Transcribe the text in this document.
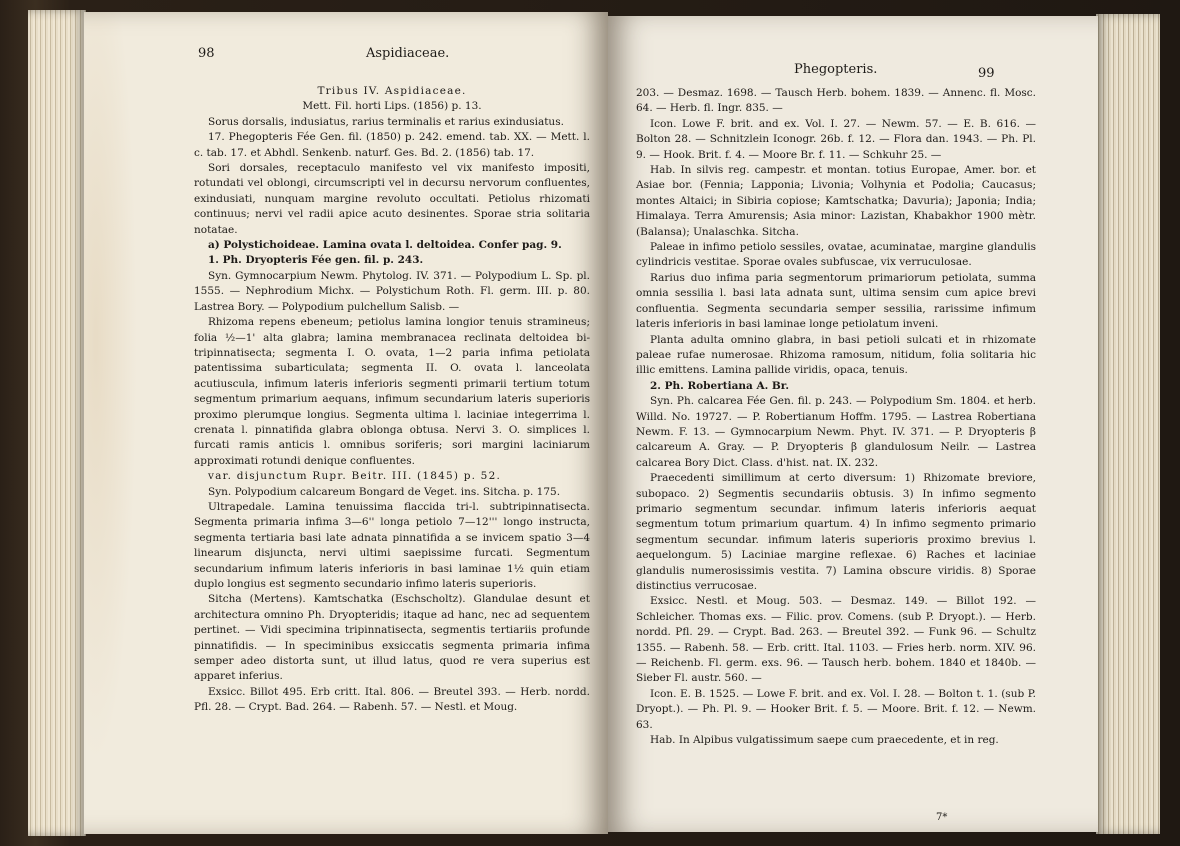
98	Aspidiaceae.

Tribus IV. Aspidiaceae.

Mett. Fil. horti Lips. (1856) p. 13.

Sorus dorsalis, indusiatus, rarius terminalis et rarius exindusiatus.

17. Phegopteris Fée Gen. fil. (1850) p. 242. emend. tab. XX. — Mett. l. c. tab. 17. et Abhdl. Senkenb. naturf. Ges. Bd. 2. (1856) tab. 17.

Sori dorsales, receptaculo manifesto vel vix manifesto impositi, rotundati vel oblongi, circumscripti vel in decursu nervorum confluentes, exindusiati, nunquam margine revoluto occultati. Petiolus rhizomati continuus; nervi vel radii apice acuto desinentes. Sporae stria solitaria notatae.

a) Polystichoideae. Lamina ovata l. deltoidea. Confer pag. 9.

1. Ph. Dryopteris Fée gen. fil. p. 243.

Syn. Gymnocarpium Newm. Phytolog. IV. 371. — Polypodium L. Sp. pl. 1555. — Nephrodium Michx. — Polystichum Roth. Fl. germ. III. p. 80. Lastrea Bory. — Polypodium pulchellum Salisb. —

Rhizoma repens ebeneum; petiolus lamina longior tenuis stramineus; folia ½—1' alta glabra; lamina membranacea reclinata deltoidea bi-tripinnatisecta; segmenta I. O. ovata, 1—2 paria infima petiolata patentissima subarticulata; segmenta II. O. ovata l. lanceolata acutiuscula, infimum lateris inferioris segmenti primarii tertium totum segmentum primarium aequans, infimum secundarium lateris superioris proximo plerumque longius. Segmenta ultima l. laciniae integerrima l. crenata l. pinnatifida glabra oblonga obtusa. Nervi 3. O. simplices l. furcati ramis anticis l. omnibus soriferis; sori margini laciniarum approximati rotundi denique confluentes.

var. disjunctum Rupr. Beitr. III. (1845) p. 52.

Syn. Polypodium calcareum Bongard de Veget. ins. Sitcha. p. 175.

Ultrapedale. Lamina tenuissima flaccida tri-l. subtripinnatisecta. Segmenta primaria infima 3—6'' longa petiolo 7—12''' longo instructa, segmenta tertiaria basi late adnata pinnatifida a se invicem spatio 3—4 linearum disjuncta, nervi ultimi saepissime furcati. Segmentum secundarium infimum lateris inferioris in basi laminae 1½ quin etiam duplo longius est segmento secundario infimo lateris superioris.

Sitcha (Mertens). Kamtschatka (Eschscholtz). Glandulae desunt et architectura omnino Ph. Dryopteridis; itaque ad hanc, nec ad sequentem pertinet. — Vidi specimina tripinnatisecta, segmentis tertiariis profunde pinnatifidis. — In speciminibus exsiccatis segmenta primaria infima semper adeo distorta sunt, ut illud latus, quod re vera superius est apparet inferius.

Exsicc. Billot 495. Erb critt. Ital. 806. — Breutel 393. — Herb. nordd. Pfl. 28. — Crypt. Bad. 264. — Rabenh. 57. — Nestl. et Moug.

Phegopteris.	99

203. — Desmaz. 1698. — Tausch Herb. bohem. 1839. — Annenc. fl. Mosc. 64. — Herb. fl. Ingr. 835. —

Icon. Lowe F. brit. and ex. Vol. I. 27. — Newm. 57. — E. B. 616. — Bolton 28. — Schnitzlein Iconogr. 26b. f. 12. — Flora dan. 1943. — Ph. Pl. 9. — Hook. Brit. f. 4. — Moore Br. f. 11. — Schkuhr 25. —

Hab. In silvis reg. campestr. et montan. totius Europae, Amer. bor. et Asiae bor. (Fennia; Lapponia; Livonia; Volhynia et Podolia; Caucasus; montes Altaici; in Sibiria copiose; Kamtschatka; Davuria); Japonia; India; Himalaya. Terra Amurensis; Asia minor: Lazistan, Khabakhor 1900 mètr. (Balansa); Unalaschka. Sitcha.

Paleae in infimo petiolo sessiles, ovatae, acuminatae, margine glandulis cylindricis vestitae. Sporae ovales subfuscae, vix verruculosae.

Rarius duo infima paria segmentorum primariorum petiolata, summa omnia sessilia l. basi lata adnata sunt, ultima sensim cum apice brevi confluentia. Segmenta secundaria semper sessilia, rarissime infimum lateris inferioris in basi laminae longe petiolatum inveni.

Planta adulta omnino glabra, in basi petioli sulcati et in rhizomate paleae rufae numerosae. Rhizoma ramosum, nitidum, folia solitaria hic illic emittens. Lamina pallide viridis, opaca, tenuis.

2. Ph. Robertiana A. Br.

Syn. Ph. calcarea Fée Gen. fil. p. 243. — Polypodium Sm. 1804. et herb. Willd. No. 19727. — P. Robertianum Hoffm. 1795. — Lastrea Robertiana Newm. F. 13. — Gymnocarpium Newm. Phyt. IV. 371. — P. Dryopteris β calcareum A. Gray. — P. Dryopteris β glandulosum Neilr. — Lastrea calcarea Bory Dict. Class. d'hist. nat. IX. 232.

Praecedenti simillimum at certo diversum: 1) Rhizomate breviore, subopaco. 2) Segmentis secundariis obtusis. 3) In infimo segmento primario segmentum secundar. infimum lateris inferioris aequat segmentum totum primarium quartum. 4) In infimo segmento primario segmentum secundar. infimum lateris superioris proximo brevius l. aequelongum. 5) Laciniae margine reflexae. 6) Raches et laciniae glandulis numerosissimis vestita. 7) Lamina obscure viridis. 8) Sporae distinctius verrucosae.

Exsicc. Nestl. et Moug. 503. — Desmaz. 149. — Billot 192. — Schleicher. Thomas exs. — Filic. prov. Comens. (sub P. Dryopt.). — Herb. nordd. Pfl. 29. — Crypt. Bad. 263. — Breutel 392. — Funk 96. — Schultz 1355. — Rabenh. 58. — Erb. critt. Ital. 1103. — Fries herb. norm. XIV. 96. — Reichenb. Fl. germ. exs. 96. — Tausch herb. bohem. 1840 et 1840b. — Sieber Fl. austr. 560. —

Icon. E. B. 1525. — Lowe F. brit. and ex. Vol. I. 28. — Bolton t. 1. (sub P. Dryopt.). — Ph. Pl. 9. — Hooker Brit. f. 5. — Moore. Brit. f. 12. — Newm. 63.

Hab. In Alpibus vulgatissimum saepe cum praecedente, et in reg.

7*
